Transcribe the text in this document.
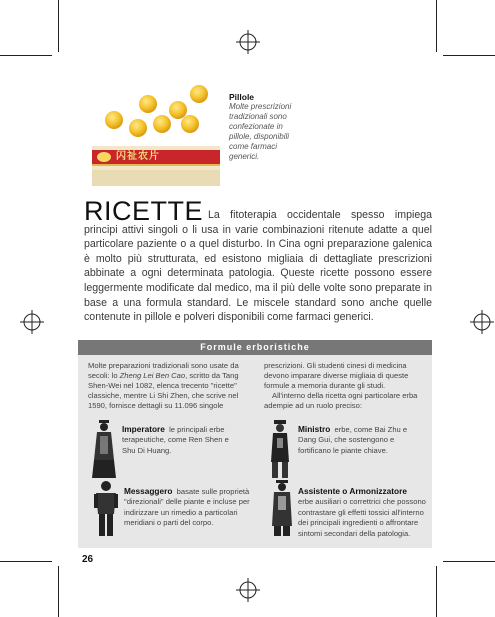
闪祉农片
Pillole
Molte prescrizioni tradizionali sono confezionate in pillole, disponibili come farmaci generici.
RICETTE La fitoterapia occidentale spesso impiega principi attivi singoli o li usa in varie combinazioni ritenute adatte a quel particolare paziente o a quel disturbo. In Cina ogni preparazione galenica è molto più strutturata, ed esistono migliaia di dettagliate prescrizioni abbinate a ogni determinata patologia. Queste ricette possono essere leggermente modificate dal medico, ma il più delle volte sono preparate in base a una formula standard. Le miscele standard sono anche quelle contenute in pillole e polveri disponibili come farmaci generici.
Formule erboristiche

Molte preparazioni tradizionali sono usate da secoli: lo Zheng Lei Ben Cao, scritto da Tang Shen-Wei nel 1082, elenca trecento "ricette" classiche, mentre Li Shi Zhen, che scrive nel 1590, fornisce dettagli su 11.096 singole

prescrizioni. Gli studenti cinesi di medicina devono imparare diverse migliaia di queste formule a memoria durante gli studi.

All'interno della ricetta ogni particolare erba adempie ad un ruolo preciso:

Imperatore le principali erbe terapeutiche, come Ren Shen e Shu Di Huang.
Ministro erbe, come Bai Zhu e Dang Gui, che sostengono e fortificano le piante chiave.
Messaggero basate sulle proprietà "direzionali" delle piante e incluse per indirizzare un rimedio a particolari meridiani o parti del corpo.
Assistente o Armonizzatore
erbe ausiliari o correttrici che possono contrastare gli effetti tossici all'interno dei principali ingredienti o affrontare sintomi secondari della patologia.
26
